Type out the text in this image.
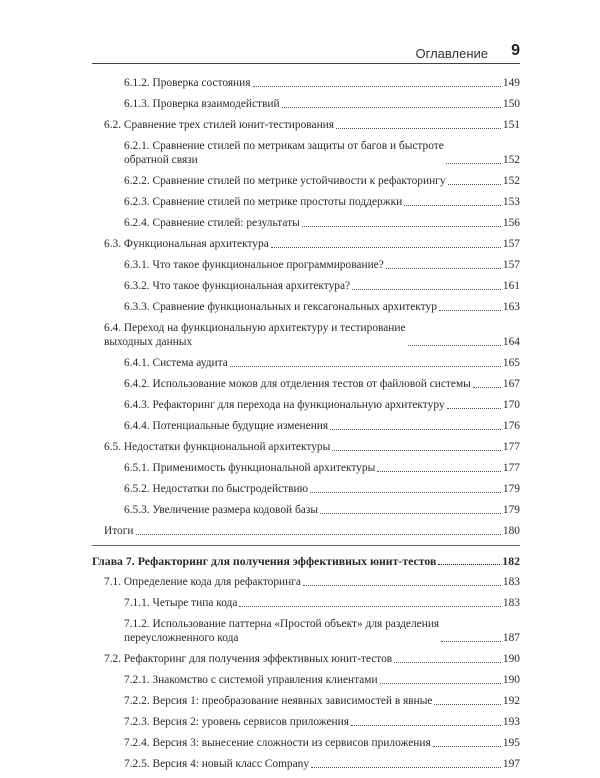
Оглавление 9
6.1.2. Проверка состояния	149
6.1.3. Проверка взаимодействий	150
6.2. Сравнение трех стилей юнит-тестирования	151
6.2.1. Сравнение стилей по метрикам защиты от багов и быстроте
обратной связи	152
6.2.2. Сравнение стилей по метрике устойчивости к рефакторингу	152
6.2.3. Сравнение стилей по метрике простоты поддержки	153
6.2.4. Сравнение стилей: результаты	156
6.3. Функциональная архитектура	157
6.3.1. Что такое функциональное программирование?	157
6.3.2. Что такое функциональная архитектура?	161
6.3.3. Сравнение функциональных и гексагональных архитектур	163
6.4. Переход на функциональную архитектуру и тестирование
выходных данных	164
6.4.1. Система аудита	165
6.4.2. Использование моков для отделения тестов от файловой системы	167
6.4.3. Рефакторинг для перехода на функциональную архитектуру	170
6.4.4. Потенциальные будущие изменения	176
6.5. Недостатки функциональной архитектуры	177
6.5.1. Применимость функциональной архитектуры	177
6.5.2. Недостатки по быстродействию	179
6.5.3. Увеличение размера кодовой базы	179
Итоги	180
Глава 7. Рефакторинг для получения эффективных юнит-тестов	182
7.1. Определение кода для рефакторинга	183
7.1.1. Четыре типа кода	183
7.1.2. Использование паттерна «Простой объект» для разделения
переусложненного кода	187
7.2. Рефакторинг для получения эффективных юнит-тестов	190
7.2.1. Знакомство с системой управления клиентами	190
7.2.2. Версия 1: преобразование неявных зависимостей в явные	192
7.2.3. Версия 2: уровень сервисов приложения	193
7.2.4. Версия 3: вынесение сложности из сервисов приложения	195
7.2.5. Версия 4: новый класс Company	197
